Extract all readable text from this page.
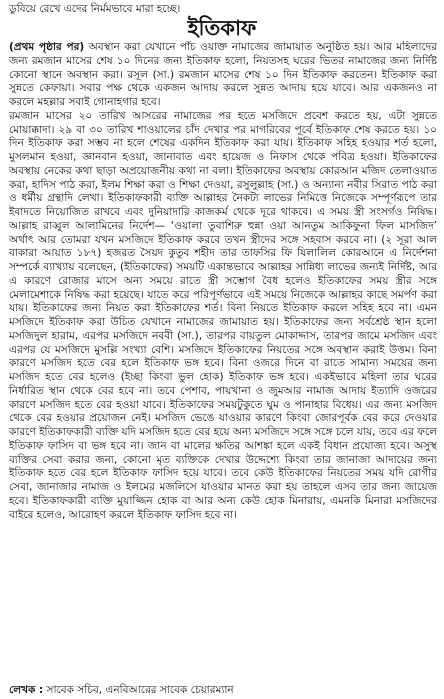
ডুবিয়ে রেখে এদের নির্মমভাবে মারা হচ্ছে।
ইতিকাফ

(প্রথম পৃষ্ঠার পর) অবস্থান করা যেখানে পাঁচ ওয়াক্ত নামাজের জামায়াত অনুষ্ঠিত হয়। আর মহিলাদের জন্য রমজান মাসের শেষ ১০ দিনের জন্য ইতিকাফ হলো, নিয়তসহ ঘরের ভিতর নামাজের জন্য নির্দিষ্ট কোনো স্থানে অবস্থান করা। রসূল (সা.) রমজান মাসের শেষ ১০ দিন ইতিকাফ করতেন। ইতিকাফ করা সুন্নতে কেফায়া। সবার পক্ষ থেকে একজন আদায় করলে সুন্নত আদায় হয়ে যাবে। আর একজনও না করলে মহল্লার সবাই গোনাহগার হবে।

রমজান মাসের ২০ তারিখ আসরের নামাজের পর হতে মসজিদে প্রবেশ করতে হয়, এটা সুন্নতে মোয়াক্কাদা। ২৯ বা ৩০ তারিখ শাওয়ালের চাঁদ দেখার পর মাগরিবের পূর্বে ইতিকাফ শেষ করতে হয়। ১০ দিন ইতিকাফ করা সম্ভব না হলে শেষের একদিন ইতিকাফ করা যায়। ইতিকাফ সহিহ হওয়ার শর্ত হলো, মুসলমান হওয়া, জ্ঞানবান হওয়া, জানাবাত এবং হায়েজ ও নিফাস থেকে পবিত্র হওয়া। ইতিকাফের অবস্থায় নেকের কথা ছাড়া অপ্রয়োজনীয় কথা না বলা। ইতিকাফের অবস্থায় কোরআন মজিদ তেলাওয়াত করা, হাদিস পাঠ করা, ইলম শিক্ষা করা ও শিক্ষা দেওয়া, রসুলুল্লাহ (সা.) ও অন্যান্য নবীর সিরাত পাঠ করা ও ধর্মীয় গ্রন্থাদি লেখা। ইতিকাফকারী ব্যক্তি আল্লাহর নৈকট্য লাভের নিমিত্তে নিজেকে সম্পূর্ণরূপে তার ইবাদতে নিয়োজিত রাখবে এবং দুনিয়াদারি কাজকর্ম থেকে দূরে থাকবে। এ সময় স্ত্রী সংসর্গও নিষিদ্ধ। আল্লাহ রাব্বুল আলামিনের নির্দেশ— ‘ওয়ালা তুবাশিরু হুন্না ওয়া আনতুম আকিফুনা ফিল মাসজিদ’ অর্থাৎ আর তোমরা যখন মসজিদে ইতিকাফ করবে তখন স্ত্রীদের সঙ্গে সহবাস করবে না। (২ সূরা আল বাকারা আয়াত ১৮৭) হজরত সৈয়দ কুতুব শহীদ তার তাফসির ফি যিলালিল কোরআনে এ নির্দেশনা সম্পর্কে ব্যাখ্যায় বলেছেন, (ইতিকাফের) সময়টি একান্তভাবে আল্লাহর সান্নিধ্য লাভের জন্যই নির্দিষ্ট, আর এ কারণে রোজার মাসে অন্য সময়ে রাতে স্ত্রী সম্ভোগ বৈধ হলেও ইতিকাফের সময় স্ত্রীর সঙ্গে মেলামেশাকে নিষিদ্ধ করা হয়েছে। যাতে করে পরিপূর্ণভাবে এই সময়ে নিজেকে আল্লাহর কাছে সমর্পণ করা যায়। ইতিকাফের জন্য নিয়ত করা ইতিকাফের শর্ত। বিনা নিয়তে ইতিকাফ করলে সহিহ হবে না। এমন মসজিদে ইতিকাফ করা উচিত যেখানে নামাজের জামায়াত হয়। ইতিকাফের জন্য সর্বশ্রেষ্ঠ স্থান হলো মসজিদুল হারাম, এরপর মসজিদে নববী (সা.), তারপর বায়তুল মোকাদ্দাস, তারপর জামে মসজিদ এবং এরপর যে মসজিদে মুসল্লি সংখ্যা বেশি। মসজিদে ইতিকাফের নিয়তের সঙ্গে অবস্থান করাই উত্তম। বিনা কারণে মসজিদ হতে বের হলে ইতিকাফ ভঙ্গ হবে। বিনা ওজরে দিনে বা রাতে সামান্য সময়ের জন্য মসজিদ হতে বের হলেও (ইচ্ছা কিংবা ভুল হোক) ইতিকাফ ভঙ্গ হবে। একইভাবে মহিলা তার ঘরের নির্ধারিত স্থান থেকে বের হবে না। তবে পেশাব, পায়খানা ও জুমআর নামাজ আদায় ইত্যাদি ওজরের কারণে মসজিদ হতে বের হওয়া যাবে। ইতিকাফের সময়টুকুতে ঘুম ও পানাহার বিধেয়। এর জন্য মসজিদ থেকে বের হওয়ার প্রয়োজন নেই। মসজিদ ভেঙে যাওয়ার কারণে কিংবা জোরপূর্বক বের করে দেওয়ার কারণে ইতিকাফকারী ব্যক্তি যদি মসজিদ হতে বের হয়ে অন্য মসজিদে সঙ্গে সঙ্গে চলে যায়, তবে এর ফলে ইতিকাফ ফাসিদ বা ভঙ্গ হবে না। জান বা মালের ক্ষতির আশঙ্কা হলে একই বিধান প্রযোজ্য হবে। অসুস্থ ব্যক্তির সেবা করার জন্য, কোনো মৃত ব্যক্তিকে দেখার উদ্দেশ্যে কিংবা তার জানাজা আদায়ের জন্য ইতিকাফ হতে বের হলে ইতিকাফ ফাসিদ হয়ে যাবে। তবে কেউ ইতিকাফের নিয়তের সময় যদি রোগীর সেবা, জানাজার নামাজ ও ইলমের মজলিসে যাওয়ার মানত করা হয় তাহলে এসব তার জন্য জায়েজ হবে। ইতিকাফকারী ব্যক্তি মুয়াজ্জিন হোক বা আর অন্য কেউ হোক মিনারায়, এমনকি মিনারা মসজিদের বাইরে হলেও, আরোহণ করলে ইতিকাফ ফাসিদ হবে না।

লেখক : সাবেক সচিব, এনবিআরের সাবেক চেয়ারম্যান
